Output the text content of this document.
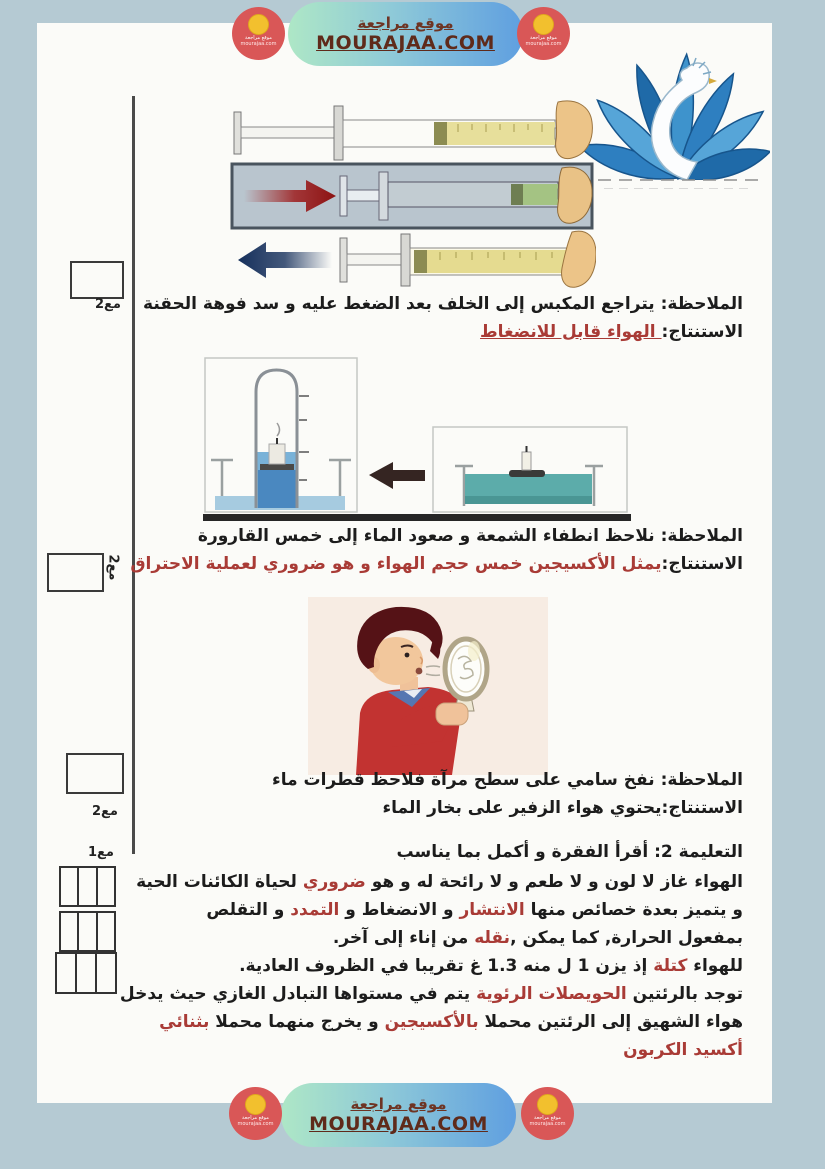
موقع مراجعة
mourajaa.com
موقع مراجعة
MOURAJAA.COM	موقع مراجعة
mourajaa.com
مع2
مع2
مع2
مع1
الملاحظة: يتراجع المكبس إلى الخلف بعد الضغط عليه و سد فوهة الحقنة
الاستنتاج: الهواء قابل للانضغاط
الملاحظة: نلاحظ انطفاء الشمعة و صعود الماء إلى خمس القارورة
الاستنتاج:يمثل الأكسيجين خمس حجم الهواء و هو ضروري لعملية الاحتراق
الملاحظة: نفخ سامي على سطح مرآة فلاحظ قطرات ماء
الاستنتاج:يحتوي هواء الزفير على بخار الماء
التعليمة 2: أقرأ الفقرة و أكمل بما يناسب
الهواء غاز لا لون و لا طعم و لا رائحة له و هو ضروري لحياة الكائنات الحية
و يتميز بعدة خصائص منها الانتشار و الانضغاط و التمدد و التقلص
بمفعول الحرارة, كما يمكن ,نقله من إناء إلى آخر.
للهواء كتلة إذ يزن 1 ل منه 1.3 غ تقريبا في الظروف العادية.
توجد بالرئتين الحويصلات الرئوية يتم في مستواها التبادل الغازي حيث يدخل
هواء الشهيق إلى الرئتين محملا بالأكسيجين و يخرج منهما محملا بثنائي
أكسيد الكربون
موقع مراجعة
mourajaa.com
موقع مراجعة
MOURAJAA.COM	موقع مراجعة
mourajaa.com
